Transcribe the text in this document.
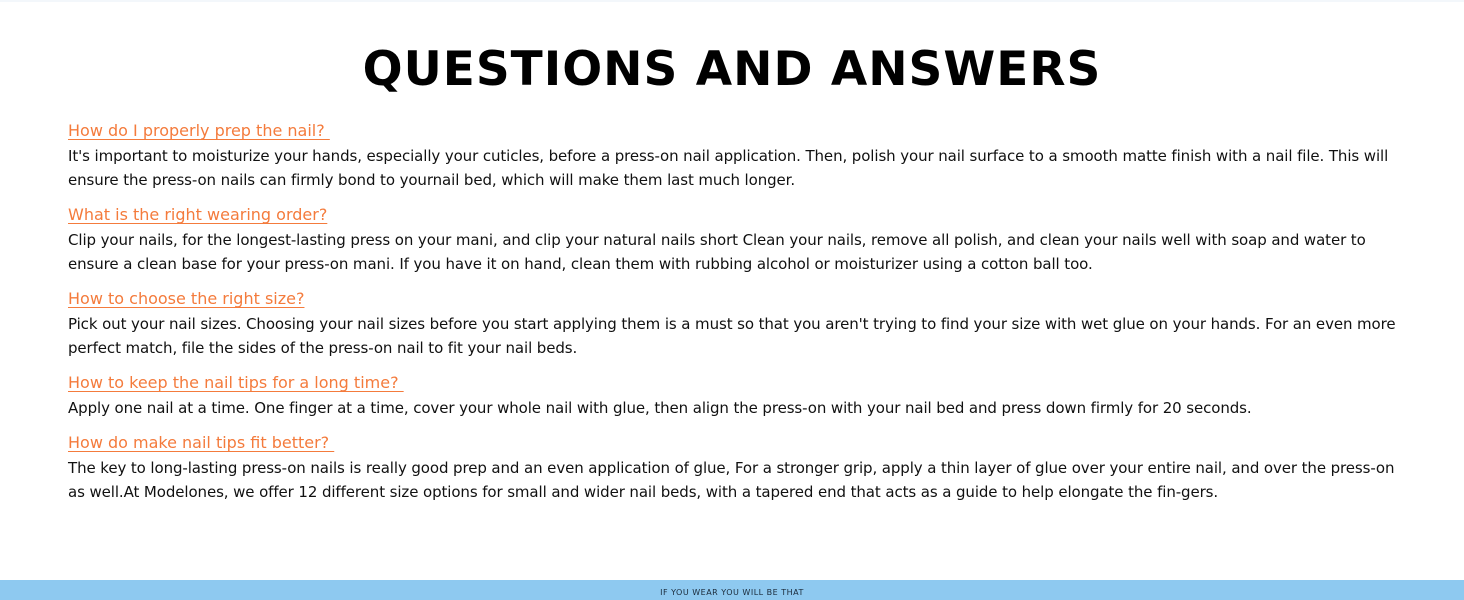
QUESTIONS AND ANSWERS
How do I properly prep the nail?
It's important to moisturize your hands, especially your cuticles, before a press-on nail application. Then, polish your nail surface to a smooth matte finish with a nail file. This will ensure the press-on nails can firmly bond to yournail bed, which will make them last much longer.
What is the right wearing order?
Clip your nails, for the longest-lasting press on your mani, and clip your natural nails short Clean your nails, remove all polish, and clean your nails well with soap and water to ensure a clean base for your press-on mani. If you have it on hand, clean them with rubbing alcohol or moisturizer using a cotton ball too.
How to choose the right size?
Pick out your nail sizes. Choosing your nail sizes before you start applying them is a must so that you aren't trying to find your size with wet glue on your hands. For an even more perfect match, file the sides of the press-on nail to fit your nail beds.
How to keep the nail tips for a long time?
Apply one nail at a time. One finger at a time, cover your whole nail with glue, then align the press-on with your nail bed and press down firmly for 20 seconds.
How do make nail tips fit better?
The key to long-lasting press-on nails is really good prep and an even application of glue, For a stronger grip, apply a thin layer of glue over your entire nail, and over the press-on as well.At Modelones, we offer 12 different size options for small and wider nail beds, with a tapered end that acts as a guide to help elongate the fin-gers.
IF YOU WEAR YOU WILL BE THAT
